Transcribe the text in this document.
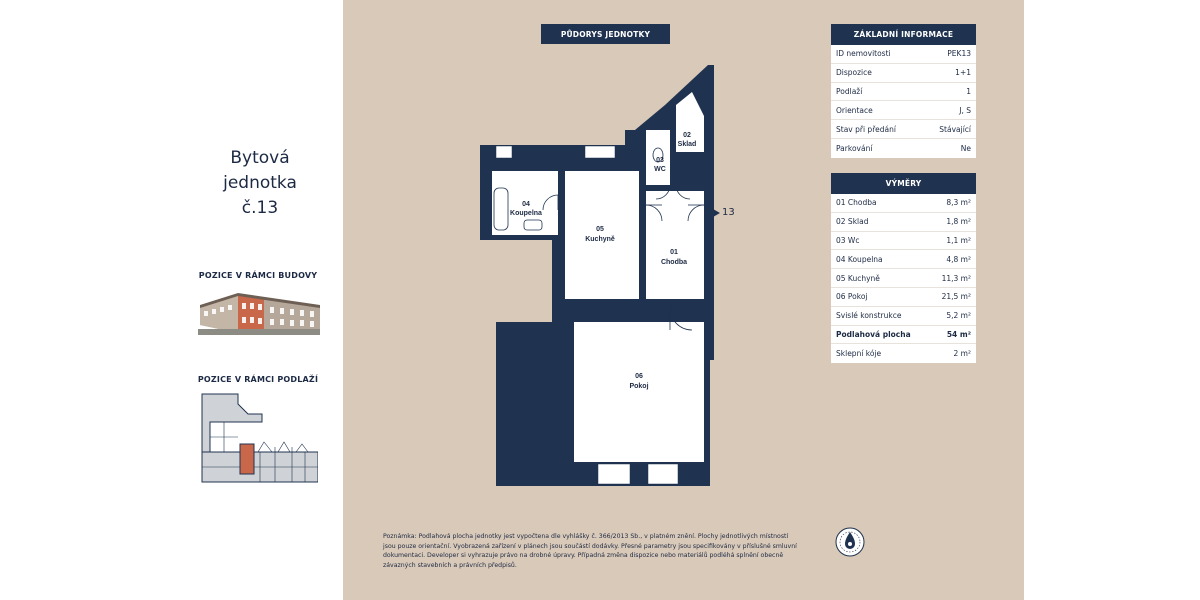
Bytová
jednotka
č.13
POZICE V RÁMCI BUDOVY
POZICE V RÁMCI PODLAŽÍ
PŮDORYS JEDNOTKY
04
Koupelna
05
Kuchyně
01
Chodba
03
WC
02
Sklad
06
Pokoj
13
ZÁKLADNÍ INFORMACE
ID nemovitosti	PEK13
Dispozice	1+1
Podlaží	1
Orientace	J, S
Stav při předání	Stávající
Parkování	Ne
VÝMĚRY
01 Chodba	8,3 m²
02 Sklad	1,8 m²
03 Wc	1,1 m²
04 Koupelna	4,8 m²
05 Kuchyně	11,3 m²
06 Pokoj	21,5 m²
Svislé konstrukce	5,2 m²
Podlahová plocha	54 m²
Sklepní kóje	2 m²
Poznámka: Podlahová plocha jednotky jest vypočtena dle vyhlášky č. 366/2013 Sb., v platném znění. Plochy jednotlivých místností jsou pouze orientační. Vyobrazená zařízení v plánech jsou součástí dodávky. Přesné parametry jsou specifikovány v příslušné smluvní dokumentaci. Developer si vyhrazuje právo na drobné úpravy. Případná změna dispozice nebo materiálů podléhá splnění obecně závazných stavebních a právních předpisů.
